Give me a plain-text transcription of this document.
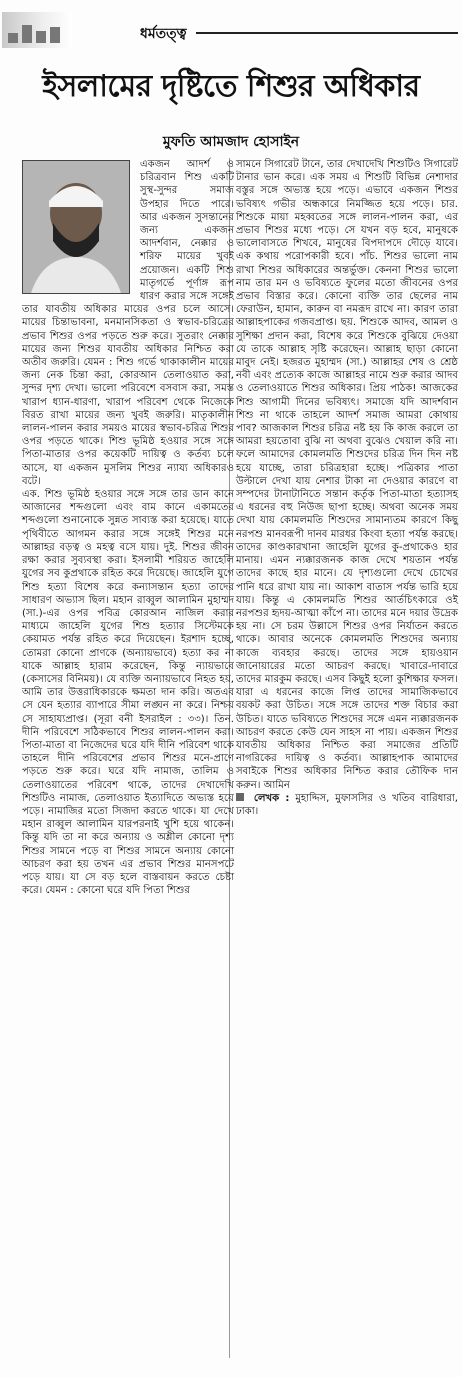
ধর্মতত্ত্ব
ইসলামের দৃষ্টিতে শিশুর অধিকার
মুফতি আমজাদ হোসাইন

একজন আদর্শ ও চরিত্রবান শিশু একটি সুস্থ-সুন্দর সমাজ উপহার দিতে পারে। আর একজন সুসন্তানের জন্য একজন আদর্শবান, নেক্কার ও শরিফ মায়ের খুবই প্রয়োজন। একটি শিশু মাতৃগর্ভে পূর্ণাঙ্গ রূপ ধারণ করার সঙ্গে সঙ্গেই তার যাবতীয় অধিকার মায়ের ওপর চলে আসে। মায়ের চিন্তাভাবনা, মনমানসিকতা ও স্বভাব-চরিত্রের প্রভাব শিশুর ওপর পড়তে শুরু করে। সুতরাং নেক্কার মায়ের জন্য শিশুর যাবতীয় অধিকার নিশ্চিত করা অতীব জরুরি। যেমন : শিশু গর্ভে থাকাকালীন মায়ের জন্য নেক চিন্তা করা, কোরআন তেলাওয়াত করা, সুন্দর দৃশ্য দেখা। ভালো পরিবেশে বসবাস করা, সমস্ত খারাপ ধ্যান-ধারণা, খারাপ পরিবেশ থেকে নিজেকে বিরত রাখা মায়ের জন্য খুবই জরুরি। মাতৃকালীন লালন-পালন করার সময়ও মায়ের স্বভাব-চরিত্র শিশুর ওপর পড়তে থাকে। শিশু ভূমিষ্ঠ হওয়ার সঙ্গে সঙ্গে পিতা-মাতার ওপর কয়েকটি দায়িত্ব ও কর্তব্য চলে আসে, যা একজন মুসলিম শিশুর ন্যায্য অধিকারও বটে।

এক. শিশু ভূমিষ্ঠ হওয়ার সঙ্গে সঙ্গে তার ডান কানে আজানের শব্দগুলো এবং বাম কানে একামতের শব্দগুলো শুনানোকে সুন্নত সাব্যস্ত করা হয়েছে। যাতে পৃথিবীতে আগমন করার সঙ্গে সঙ্গেই শিশুর মনে আল্লাহর বড়ত্ব ও মহত্ব বসে যায়। দুই. শিশুর জীবন রক্ষা করার সুব্যবস্থা করা। ইসলামী শরিয়ত জাহেলি যুগের সব কুপ্রথাকে রহিত করে দিয়েছে। জাহেলি যুগে শিশু হত্যা বিশেষ করে কন্যাসন্তান হত্যা তাদের সাধারণ অভ্যাস ছিল। মহান রাব্বুল আলামিন মুহাম্মদ (সা.)-এর ওপর পবিত্র কোরআন নাজিল করার মাধ্যমে জাহেলি যুগের শিশু হত্যার সিস্টেমকে কেয়ামত পর্যন্ত রহিত করে দিয়েছেন। ইরশাদ হচ্ছে, তোমরা কোনো প্রাণকে (অন্যায়ভাবে) হত্যা কর না যাকে আল্লাহ হারাম করেছেন, কিন্তু ন্যায়ভাবে (কেসাসের বিনিময়)। যে ব্যক্তি অন্যায়ভাবে নিহত হয়, আমি তার উত্তরাধিকারকে ক্ষমতা দান করি। অতএব সে যেন হত্যার ব্যাপারে সীমা লঙ্ঘন না করে। নিশ্চয় সে সাহায্যপ্রাপ্ত। (সূরা বনী ইসরাইল : ৩৩)। তিন. দীনি পরিবেশে সঠিকভাবে শিশুর লালন-পালন করা। পিতা-মাতা বা নিজেদের ঘরে যদি দীনি পরিবেশ থাকে তাহলে দীনি পরিবেশের প্রভাব শিশুর মনে-প্রাণে পড়তে শুরু করে। ঘরে যদি নামাজ, তালিম ও তেলাওয়াতের পরিবেশ থাকে, তাদের দেখাদেখি শিশুটিও নামাজ, তেলাওয়াত ইত্যাদিতে অভ্যস্ত হয়ে পড়ে। নামাজির মতো সিজদা করতে থাকে। যা দেখে মহান রাব্বুল আলামিন যারপরনাই খুশি হয়ে থাকেন। কিন্তু যদি তা না করে অন্যায় ও অশ্লীল কোনো দৃশ্য শিশুর সামনে পড়ে বা শিশুর সামনে অন্যায় কোনো আচরণ করা হয় তখন এর প্রভাব শিশুর মানসপটে পড়ে যায়। যা সে বড় হলে বাস্তবায়ন করতে চেষ্টা করে। যেমন : কোনো ঘরে যদি পিতা শিশুর

সামনে সিগারেট টানে, তার দেখাদেখি শিশুটিও সিগারেট টানার ভান করে। এক সময় এ শিশুটি বিভিন্ন নেশাদার বস্তুর সঙ্গে অভ্যস্ত হয়ে পড়ে। এভাবে একজন শিশুর ভবিষ্যৎ গভীর অন্ধকারে নিমজ্জিত হয়ে পড়ে। চার. শিশুকে মায়া মহব্বতের সঙ্গে লালন-পালন করা, এর প্রভাব শিশুর মধ্যে পড়ে। সে যখন বড় হবে, মানুষকে ভালোবাসতে শিখবে, মানুষের বিপদাপদে দৌড়ে যাবে। এক কথায় পরোপকারী হবে। পাঁচ. শিশুর ভালো নাম রাখা শিশুর অধিকারের অন্তর্ভুক্ত। কেননা শিশুর ভালো নাম তার মন ও ভবিষ্যতে ফুলের মতো জীবনের ওপর প্রভাব বিস্তার করে। কোনো ব্যক্তি তার ছেলের নাম ফেরাউন, হামান, কারুন বা নমরূদ রাখে না। কারণ তারা আল্লাহপাকের গজবপ্রাপ্ত। ছয়. শিশুকে আদব, আমল ও সুশিক্ষা প্রদান করা, বিশেষ করে শিশুকে বুঝিয়ে দেওয়া যে তাকে আল্লাহ সৃষ্টি করেছেন। আল্লাহ ছাড়া কোনো মাবুদ নেই। হজরত মুহাম্মদ (সা.) আল্লাহর শেষ ও শ্রেষ্ঠ নবী এবং প্রত্যেক কাজে আল্লাহর নামে শুরু করার আদব ও তেলাওয়াতে শিশুর অধিকার। প্রিয় পাঠক! আজকের শিশু আগামী দিনের ভবিষ্যৎ। সমাজে যদি আদর্শবান শিশু না থাকে তাহলে আদর্শ সমাজ আমরা কোথায় পাব? আজকাল শিশুর চরিত্র নষ্ট হয় কি কাজ করলে তা আমরা হয়তোবা বুঝি না অথবা বুঝেও খেয়াল করি না। ফলে আমাদের কোমলমতি শিশুদের চরিত্র দিন দিন নষ্ট হয়ে যাচ্ছে, তারা চরিত্রহারা হচ্ছে। পত্রিকার পাতা উল্টালে দেখা যায় নেশার টাকা না দেওয়ার কারণে বা সম্পদের টানাটানিতে সন্তান কর্তৃক পিতা-মাতা হত্যাসহ এ ধরনের বহু নিউজ ছাপা হচ্ছে। অথবা অনেক সময় দেখা যায় কোমলমতি শিশুদের সামান্যতম কারণে কিছু নরপশু মানবরূপী দানব মারধর কিংবা হত্যা পর্যন্ত করছে। তাদের কাণ্ডকারখানা জাহেলি যুগের কু-প্রথাকেও হার মানায়। এমন ন্যক্কারজনক কাজ দেখে শয়তান পর্যন্ত তাদের কাছে হার মানে। যে দৃশ্যগুলো দেখে চোখের পানি ধরে রাখা যায় না। আকাশ বাতাস পর্যন্ত ভারি হয়ে যায়। কিন্তু এ কোমলমতি শিশুর আর্তচিৎকারে ওই নরপশুর হৃদয়-আত্মা কাঁপে না। তাদের মনে দয়ার উদ্রেক হয় না। সে চরম উল্লাসে শিশুর ওপর নির্যাতন করতে থাকে। আবার অনেকে কোমলমতি শিশুদের অন্যায় কাজে ব্যবহার করছে। তাদের সঙ্গে হায়ওয়ান জানোয়ারের মতো আচরণ করছে। খাবারে-দাবারে তাদের মারকুম করছে। এসব কিছুই হলো কুশিক্ষার ফসল। যারা এ ধরনের কাজে লিপ্ত তাদের সামাজিকভাবে বয়কট করা উচিত। সঙ্গে সঙ্গে তাদের শক্ত বিচার করা উচিত। যাতে ভবিষ্যতে শিশুদের সঙ্গে এমন ন্যক্কারজনক আচরণ করতে কেউ যেন সাহস না পায়। একজন শিশুর যাবতীয় অধিকার নিশ্চিত করা সমাজের প্রতিটি নাগরিকের দায়িত্ব ও কর্তব্য। আল্লাহপাক আমাদের সবাইকে শিশুর অধিকার নিশ্চিত করার তৌফিক দান করুন। আমিন

লেখক : মুহাদ্দিস, মুফাসসির ও খতিব বারিধারা, ঢাকা।
